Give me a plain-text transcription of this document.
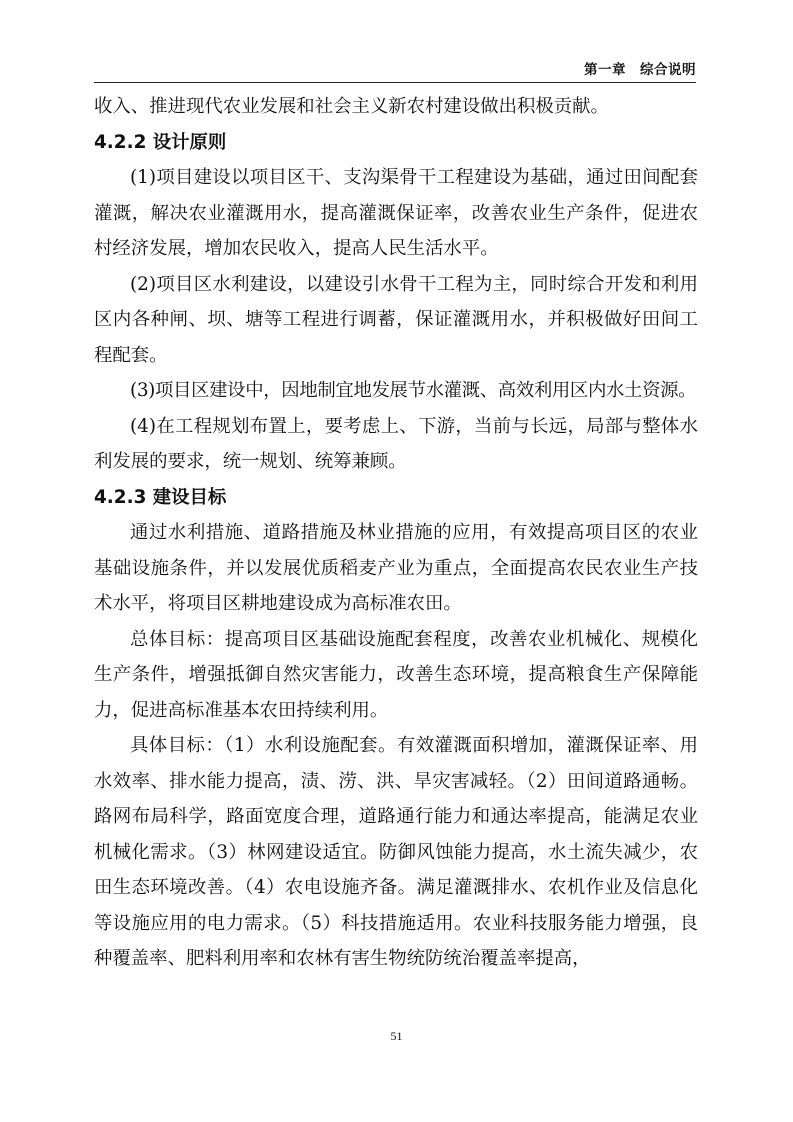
第一章 综合说明

收入、推进现代农业发展和社会主义新农村建设做出积极贡献。

4.2.2 设计原则

(1)项目建设以项目区干、支沟渠骨干工程建设为基础，通过田间配套灌溉，解决农业灌溉用水，提高灌溉保证率，改善农业生产条件，促进农村经济发展，增加农民收入，提高人民生活水平。

(2)项目区水利建设，以建设引水骨干工程为主，同时综合开发和利用区内各种闸、坝、塘等工程进行调蓄，保证灌溉用水，并积极做好田间工程配套。

(3)项目区建设中，因地制宜地发展节水灌溉、高效利用区内水土资源。

(4)在工程规划布置上，要考虑上、下游，当前与长远，局部与整体水利发展的要求，统一规划、统筹兼顾。

4.2.3 建设目标

通过水利措施、道路措施及林业措施的应用，有效提高项目区的农业基础设施条件，并以发展优质稻麦产业为重点，全面提高农民农业生产技术水平，将项目区耕地建设成为高标准农田。

总体目标：提高项目区基础设施配套程度，改善农业机械化、规模化生产条件，增强抵御自然灾害能力，改善生态环境，提高粮食生产保障能力，促进高标准基本农田持续利用。

具体目标：（1）水利设施配套。有效灌溉面积增加，灌溉保证率、用水效率、排水能力提高，渍、涝、洪、旱灾害减轻。（2）田间道路通畅。路网布局科学，路面宽度合理，道路通行能力和通达率提高，能满足农业机械化需求。（3）林网建设适宜。防御风蚀能力提高，水土流失减少，农田生态环境改善。（4）农电设施齐备。满足灌溉排水、农机作业及信息化等设施应用的电力需求。（5）科技措施适用。农业科技服务能力增强，良种覆盖率、肥料利用率和农林有害生物统防统治覆盖率提高，

51
